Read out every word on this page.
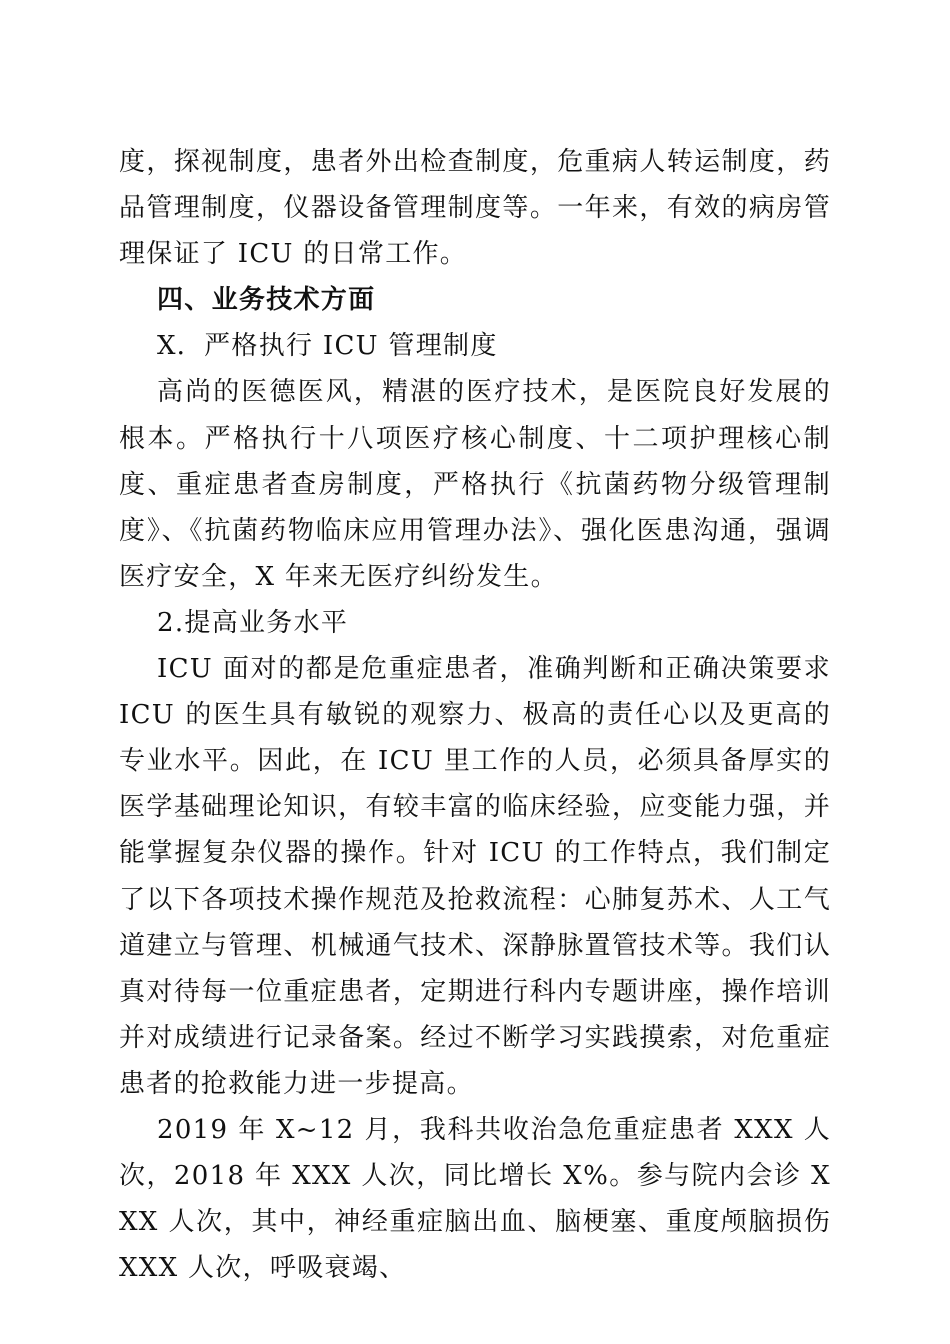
度，探视制度，患者外出检查制度，危重病人转运制度，药品管理制度，仪器设备管理制度等。一年来，有效的病房管理保证了 ICU 的日常工作。

四、业务技术方面

X．严格执行 ICU 管理制度

高尚的医德医风，精湛的医疗技术，是医院良好发展的根本。严格执行十八项医疗核心制度、十二项护理核心制度、重症患者查房制度，严格执行《抗菌药物分级管理制度》、《抗菌药物临床应用管理办法》、强化医患沟通，强调医疗安全，X 年来无医疗纠纷发生。

2.提高业务水平

ICU 面对的都是危重症患者，准确判断和正确决策要求 ICU 的医生具有敏锐的观察力、极高的责任心以及更高的专业水平。因此，在 ICU 里工作的人员，必须具备厚实的医学基础理论知识，有较丰富的临床经验，应变能力强，并能掌握复杂仪器的操作。针对 ICU 的工作特点，我们制定了以下各项技术操作规范及抢救流程：心肺复苏术、人工气道建立与管理、机械通气技术、深静脉置管技术等。我们认真对待每一位重症患者，定期进行科内专题讲座，操作培训并对成绩进行记录备案。经过不断学习实践摸索，对危重症患者的抢救能力进一步提高。

2019 年 X~12 月，我科共收治急危重症患者 XXX 人次，2018 年 XXX 人次，同比增长 X%。参与院内会诊 XXX 人次，其中，神经重症脑出血、脑梗塞、重度颅脑损伤 XXX 人次，呼吸衰竭、
